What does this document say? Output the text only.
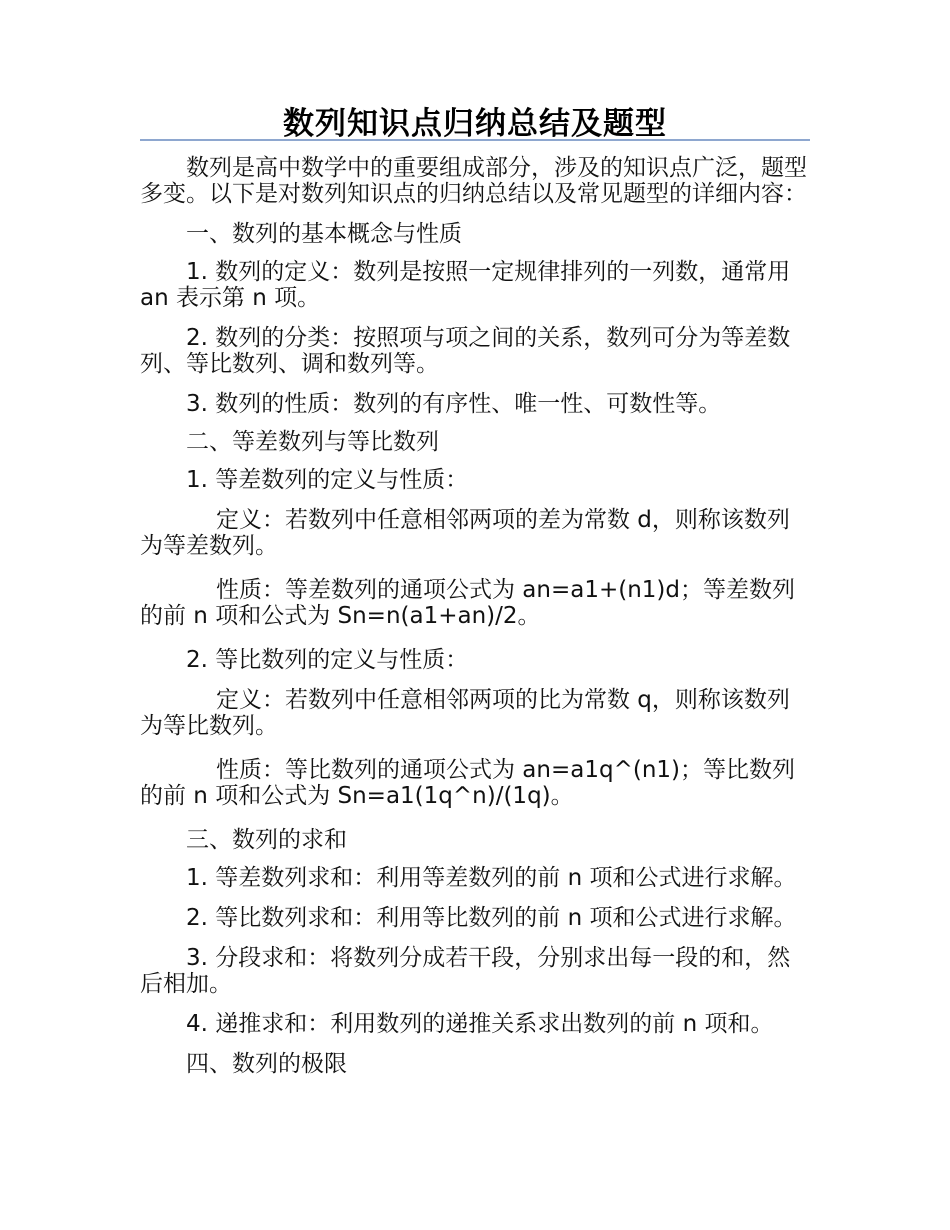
数列知识点归纳总结及题型

数列是高中数学中的重要组成部分，涉及的知识点广泛，题型多变。以下是对数列知识点的归纳总结以及常见题型的详细内容：

一、数列的基本概念与性质

1. 数列的定义：数列是按照一定规律排列的一列数，通常用 an 表示第 n 项。

2. 数列的分类：按照项与项之间的关系，数列可分为等差数列、等比数列、调和数列等。

3. 数列的性质：数列的有序性、唯一性、可数性等。

二、等差数列与等比数列

1. 等差数列的定义与性质：

定义：若数列中任意相邻两项的差为常数 d，则称该数列为等差数列。

性质：等差数列的通项公式为 an=a1+(n1)d；等差数列的前 n 项和公式为 Sn=n(a1+an)/2。

2. 等比数列的定义与性质：

定义：若数列中任意相邻两项的比为常数 q，则称该数列为等比数列。

性质：等比数列的通项公式为 an=a1q^(n1)；等比数列的前 n 项和公式为 Sn=a1(1q^n)/(1q)。

三、数列的求和

1. 等差数列求和：利用等差数列的前 n 项和公式进行求解。

2. 等比数列求和：利用等比数列的前 n 项和公式进行求解。

3. 分段求和：将数列分成若干段，分别求出每一段的和，然后相加。

4. 递推求和：利用数列的递推关系求出数列的前 n 项和。

四、数列的极限
